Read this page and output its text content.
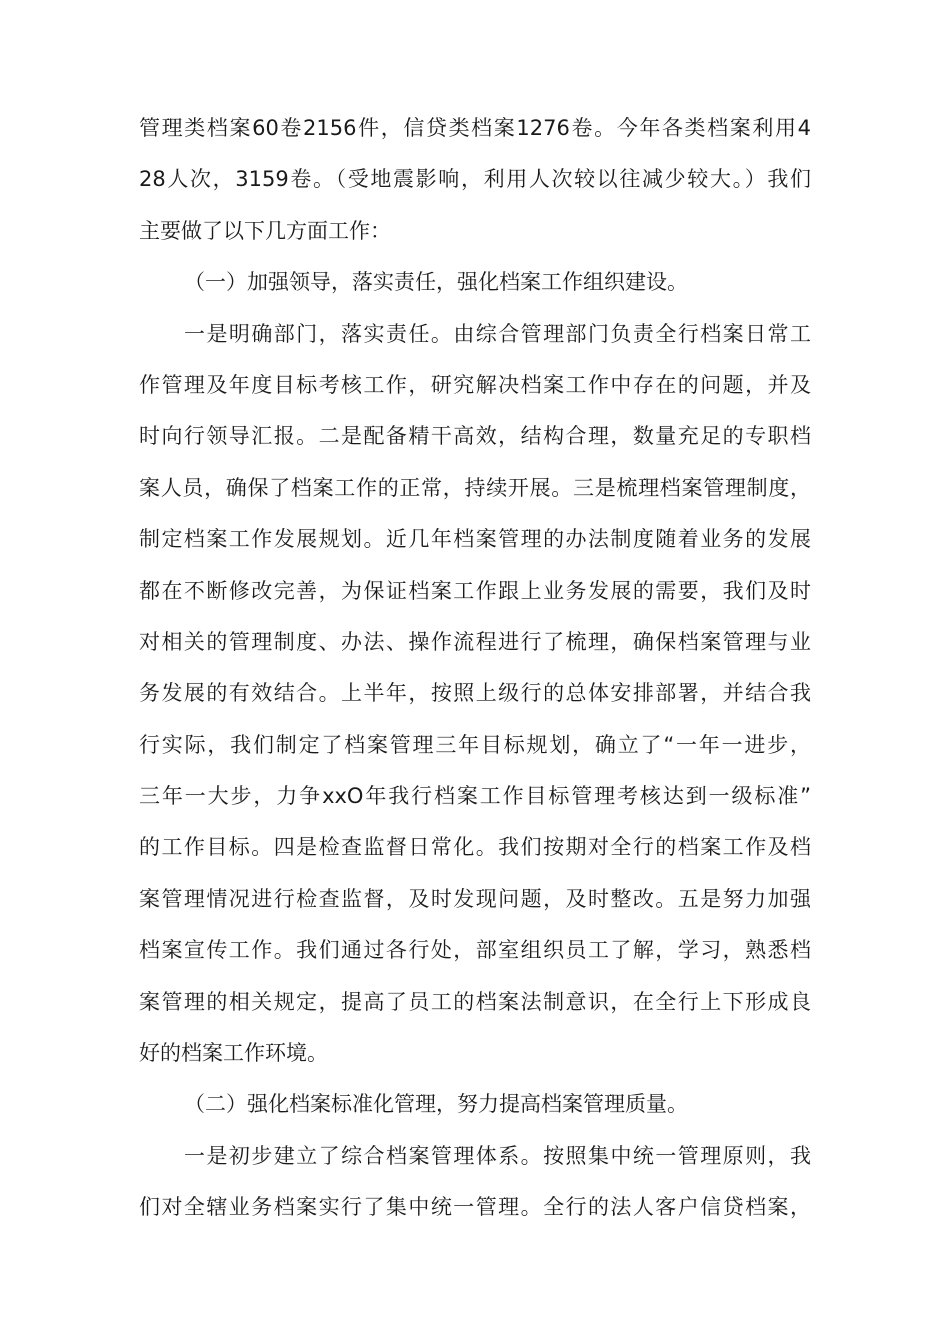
管理类档案60卷2156件，信贷类档案1276卷。今年各类档案利用4
28人次，3159卷。（受地震影响，利用人次较以往减少较大。）我们
主要做了以下几方面工作：
（一）加强领导，落实责任，强化档案工作组织建设。
一是明确部门，落实责任。由综合管理部门负责全行档案日常工
作管理及年度目标考核工作，研究解决档案工作中存在的问题，并及
时向行领导汇报。二是配备精干高效，结构合理，数量充足的专职档
案人员，确保了档案工作的正常，持续开展。三是梳理档案管理制度，
制定档案工作发展规划。近几年档案管理的办法制度随着业务的发展
都在不断修改完善，为保证档案工作跟上业务发展的需要，我们及时
对相关的管理制度、办法、操作流程进行了梳理，确保档案管理与业
务发展的有效结合。上半年，按照上级行的总体安排部署，并结合我
行实际，我们制定了档案管理三年目标规划，确立了“一年一进步，
三年一大步，力争xxO年我行档案工作目标管理考核达到一级标准”
的工作目标。四是检查监督日常化。我们按期对全行的档案工作及档
案管理情况进行检查监督，及时发现问题，及时整改。五是努力加强
档案宣传工作。我们通过各行处，部室组织员工了解，学习，熟悉档
案管理的相关规定，提高了员工的档案法制意识，在全行上下形成良
好的档案工作环境。
（二）强化档案标准化管理，努力提高档案管理质量。
一是初步建立了综合档案管理体系。按照集中统一管理原则，我
们对全辖业务档案实行了集中统一管理。全行的法人客户信贷档案，
